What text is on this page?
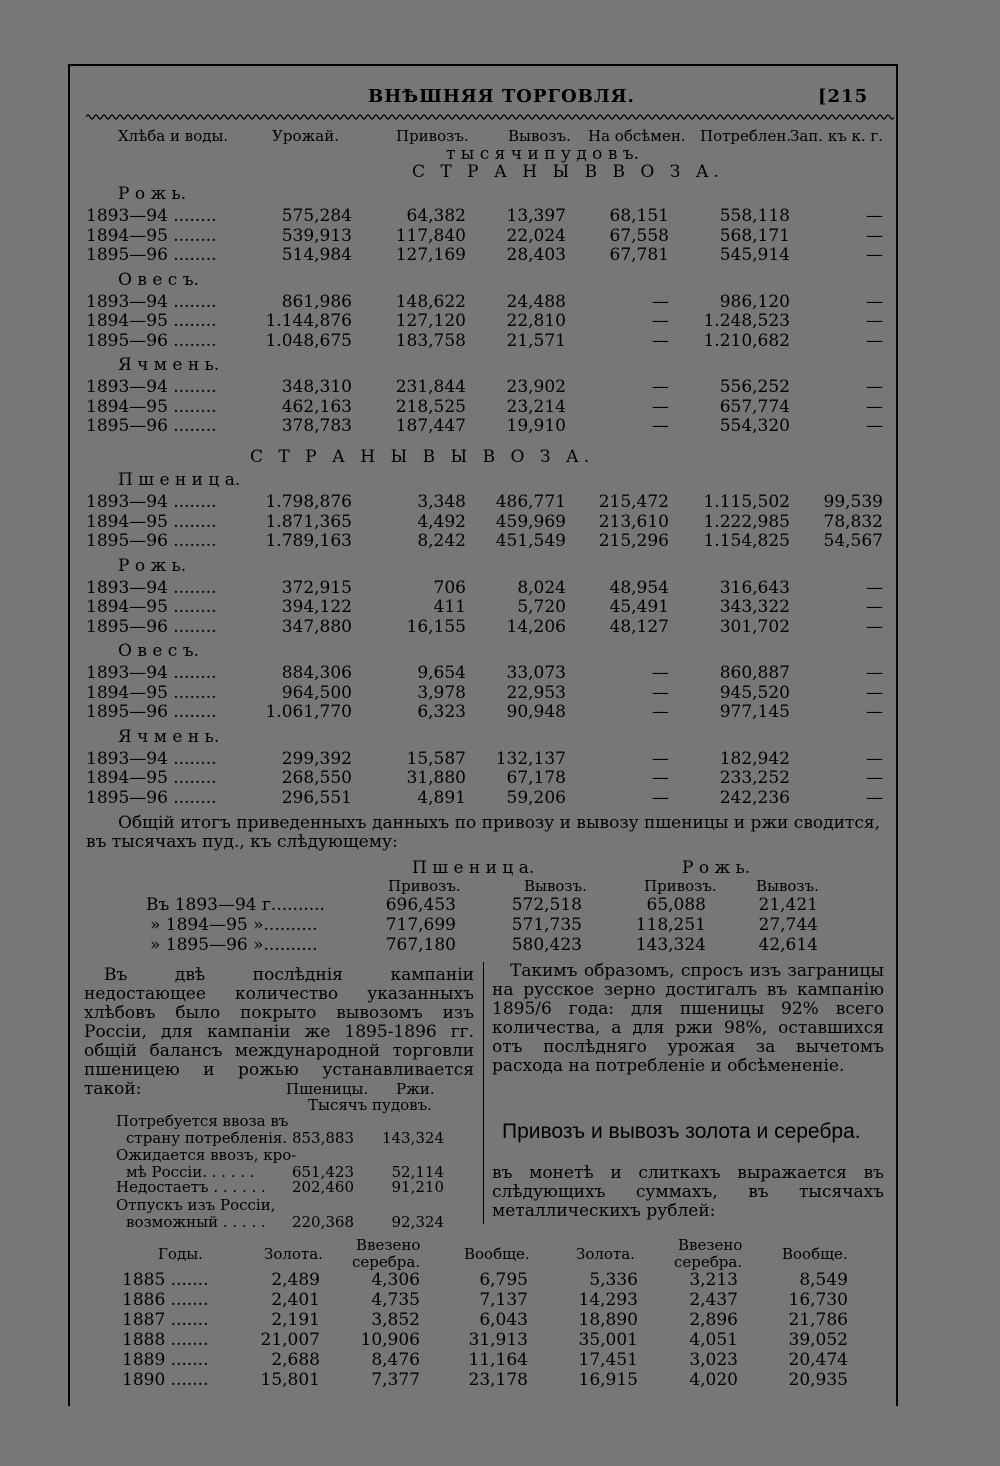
ВНѢШНЯЯ ТОРГОВЛЯ.	[215
Хлѣба и воды.	Урожай.	Привозъ.	Вывозъ. На обсѣмен. Потреблен.
Зап. къ к. г.
т ы с я ч и п у д о в ъ.
С Т Р А Н Ы В В О З А.
Р о ж ь.
1893—94 ........	575,284	64,382 13,397	68,151	558,118	—
1894—95 ........	539,913	117,840 22,024	67,558	568,171	—
1895—96 ........	514,984	127,169 28,403	67,781	545,914	—
О в е с ъ.
1893—94 ........	861,986	148,622 24,488	—	986,120	—
1894—95 ........	1.144,876	127,120 22,810	— 1.248,523	—
1895—96 ........	1.048,675	183,758 21,571	— 1.210,682	—
Я ч м е н ь.
1893—94 ........	348,310	231,844 23,902	—	556,252	—
1894—95 ........	462,163	218,525 23,214	—	657,774	—
1895—96 ........	378,783	187,447 19,910	—	554,320	—
С Т Р А Н Ы В Ы В О З А.
П ш е н и ц а.
1893—94 ........	1.798,876	3,348 486,771 215,472 1.115,502 99,539
1894—95 ........	1.871,365	4,492 459,969 213,610 1.222,985 78,832
1895—96 ........	1.789,163	8,242 451,549 215,296 1.154,825 54,567
Р о ж ь.
1893—94 ........	372,915	706	8,024	48,954	316,643	—
1894—95 ........	394,122	411	5,720	45,491	343,322	—
1895—96 ........	347,880	16,155 14,206	48,127	301,702	—
О в е с ъ.
1893—94 ........	884,306	9,654 33,073	—	860,887	—
1894—95 ........	964,500	3,978 22,953	—	945,520	—
1895—96 ........	1.061,770	6,323 90,948	—	977,145	—
Я ч м е н ь.
1893—94 ........	299,392	15,587 132,137	—	182,942	—
1894—95 ........	268,550	31,880 67,178	—	233,252	—
1895—96 ........	296,551	4,891 59,206	—	242,236	—
Общій итогъ приведенныхъ данныхъ по привозу и вывозу пшеницы и ржи сводится, въ тысячахъ пуд., къ слѣдующему:
П ш е н и ц а.	Р о ж ь.
Привозъ.	Вывозъ.	Привозъ.	Вывозъ.
Въ 1893—94 г..........	696,453	572,518	65,088	21,421
» 1894—95 »..........	717,699	571,735	118,251	27,744
» 1895—96 »..........	767,180	580,423	143,324	42,614
Въ двѣ послѣднія кампаніи недостающее количество указанныхъ хлѣбовъ было покрыто вывозомъ изъ Россіи, для кампаніи же 1895-1896 гг. общій балансъ международной торговли пшеницею и рожью устанавливается такой:
Такимъ образомъ, спросъ изъ заграницы на русское зерно достигалъ въ кампанію 1895/6 года: для пшеницы 92% всего количества, а для ржи 98%, оставшихся отъ послѣдняго урожая за вычетомъ расхода на потребленіе и обсѣмененіе.
Пшеницы. Ржи.
Тысячъ пудовъ.
Потребуется ввоза въ
страну потребленія. 853,883 143,324
Ожидается ввозъ, кро-
мѣ Россіи. . . . . . 651,423	52,114
Недостаетъ . . . . . . 202,460	91,210
Отпускъ изъ Россіи,
возможный . . . . . 220,368	92,324
Привозъ и вывозъ золота и серебра.
въ монетѣ и слиткахъ выражается въ слѣдующихъ суммахъ, въ тысячахъ металлическихъ рублей:
Годы.	Золота. Ввезено
серебра.	Вообще.	Золота.	Ввезено
серебра.	Вообще.
1885 .......	2,489	4,306	6,795	5,336	3,213	8,549
1886 .......	2,401	4,735	7,137	14,293	2,437	16,730
1887 .......	2,191	3,852	6,043	18,890	2,896	21,786
1888 .......	21,007 10,906	31,913	35,001	4,051	39,052
1889 .......	2,688	8,476	11,164	17,451	3,023	20,474
1890 .......	15,801	7,377	23,178	16,915	4,020	20,935
